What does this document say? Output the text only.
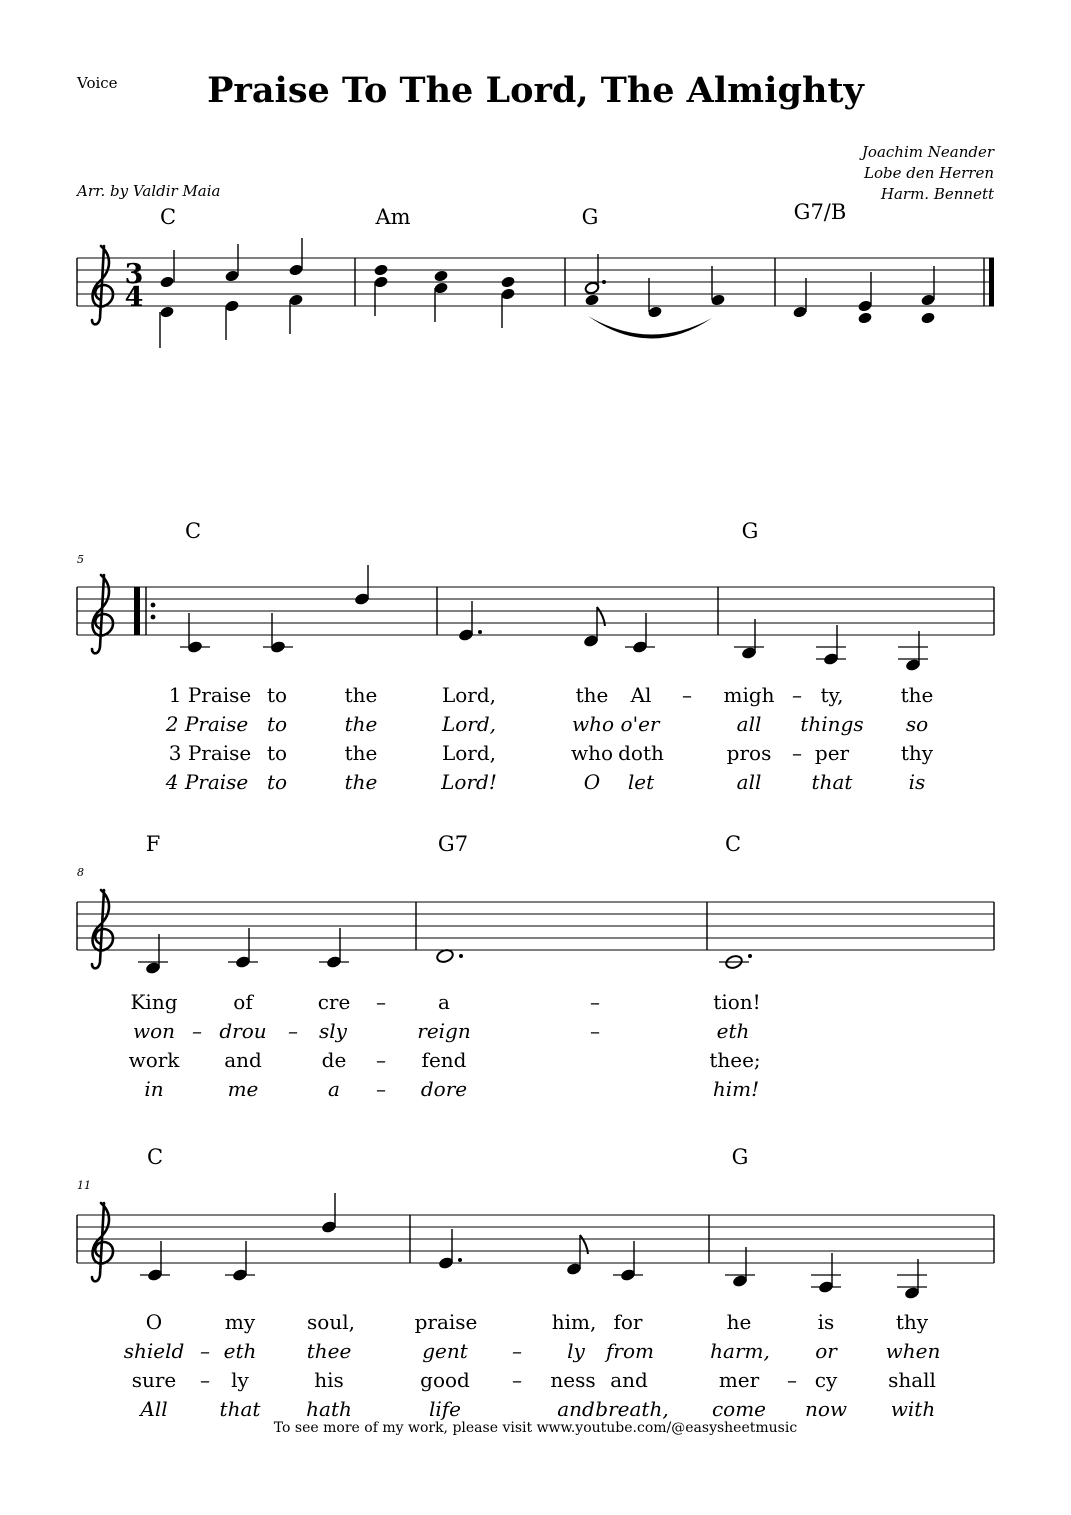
Voice	Praise To The Lord, The Almighty
Arr. by Valdir Maia
Joachim Neander
Lobe den Herren
Harm. Bennett
C	Am	G	G7/B
C	G
F	G7	C
C	G
5
8
11
1 Praise to	the	Lord,	the Al – migh – ty,	the
2 Praise to	the	Lord,	who o'er	all things so
3 Praise to	the	Lord,	who doth	pros – per	thy
4 Praise to	the	Lord!	O let	all	that	is
King	of	cre –	a	–	tion!
won – drou – sly	reign	–	eth
work and	de – fend	thee;
in	me	a – dore	him!
O	my	soul,	praise	him, for	he	is	thy
shield – eth	thee	gent – ly from	harm, or when
sure – ly	his	good – ness and	mer – cy	shall
All	that hath	life	and breath, come now with
To see more of my work, please visit www.youtube.com/@easysheetmusic
3
4
